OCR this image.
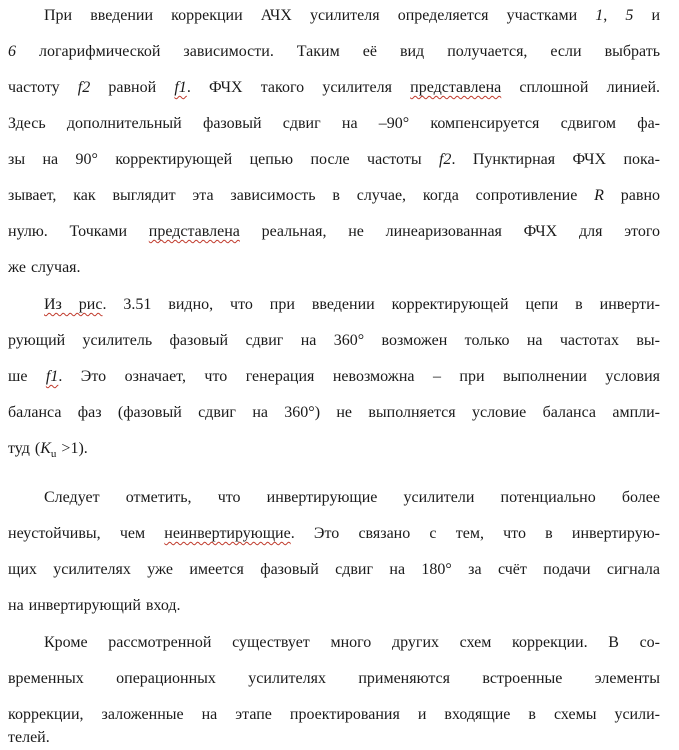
При введении коррекции АЧХ усилителя определяется участками 1, 5 и
6 логарифмической зависимости. Таким её вид получается, если выбрать
частоту f2 равной f1. ФЧХ такого усилителя представлена сплошной линией.
Здесь дополнительный фазовый сдвиг на –90° компенсируется сдвигом фа-
зы на 90° корректирующей цепью после частоты f2. Пунктирная ФЧХ пока-
зывает, как выглядит эта зависимость в случае, когда сопротивление R равно
нулю. Точками представлена реальная, не линеаризованная ФЧХ для этого
же случая.
Из рис. 3.51 видно, что при введении корректирующей цепи в инверти-
рующий усилитель фазовый сдвиг на 360° возможен только на частотах вы-
ше f1. Это означает, что генерация невозможна – при выполнении условия
баланса фаз (фазовый сдвиг на 360°) не выполняется условие баланса ампли-
туд $(K_u >1)$.
Следует отметить, что инвертирующие усилители потенциально более
неустойчивы, чем неинвертирующие. Это связано с тем, что в инвертирую-
щих усилителях уже имеется фазовый сдвиг на 180° за счёт подачи сигнала
на инвертирующий вход.
Кроме рассмотренной существует много других схем коррекции. В со-
временных операционных усилителях применяются встроенные элементы
коррекции, заложенные на этапе проектирования и входящие в схемы усили-
телей.
